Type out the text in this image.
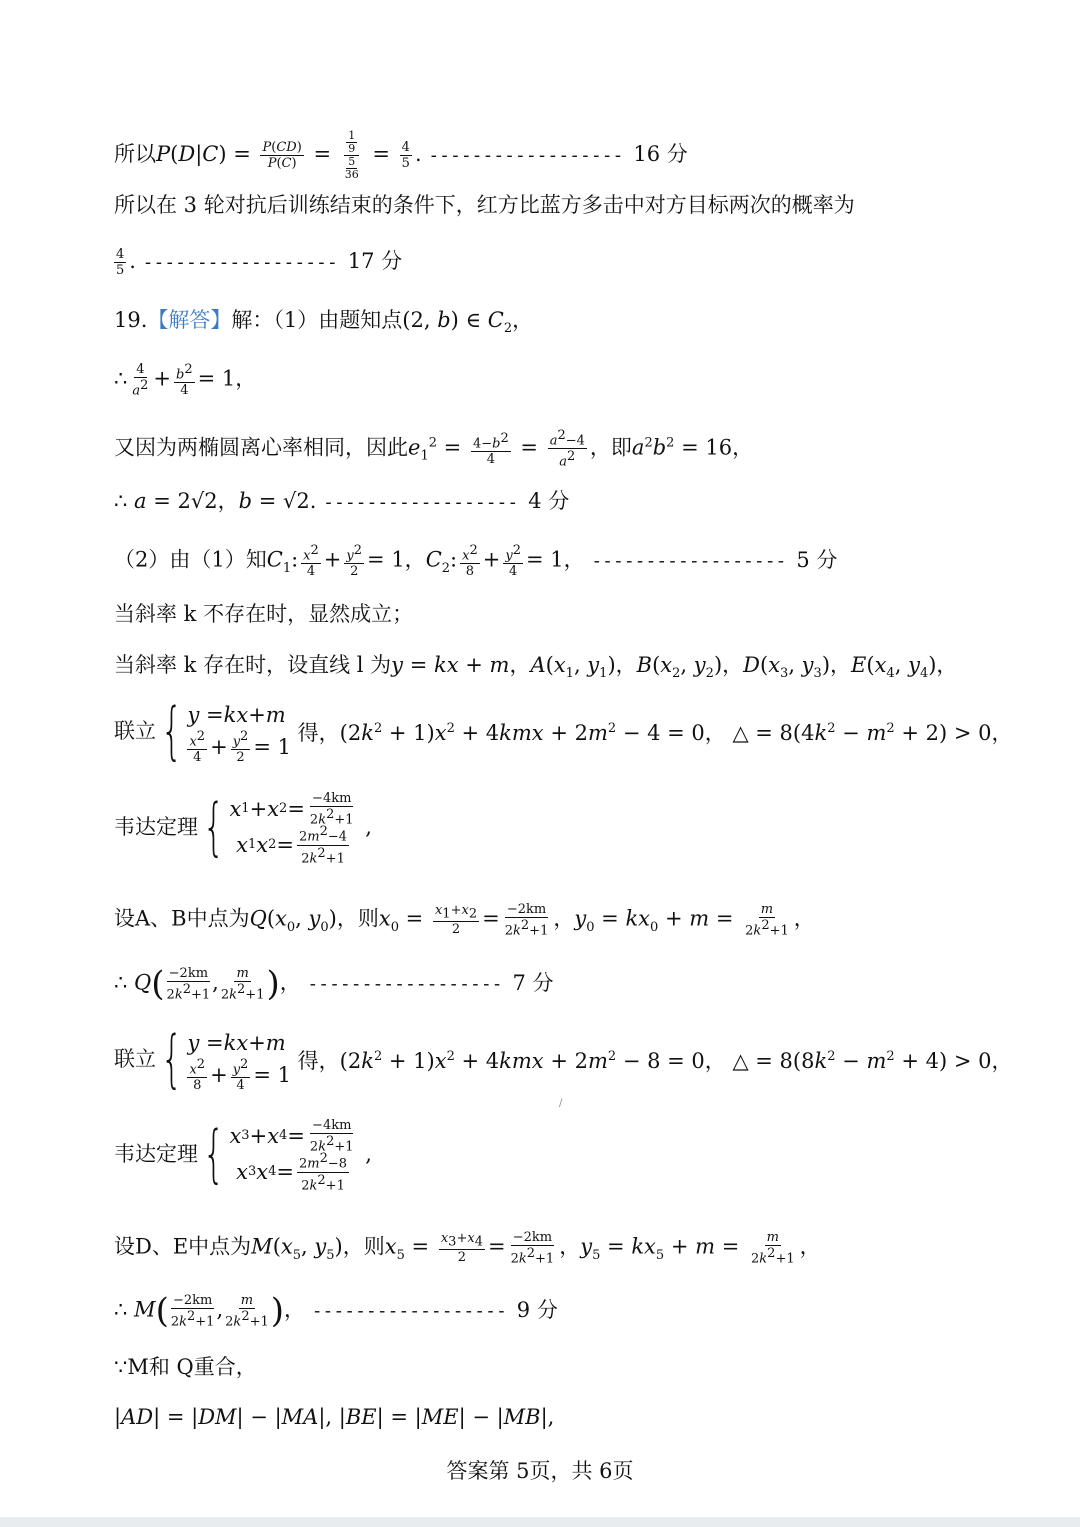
所以$P(D|C) = \frac{P(CD)}{P(C)} = \frac{\frac{1}{9}}{\frac{5}{36}} = \frac{4}{5}$ . ------------------ 16 分
所以在 3 轮对抗后训练结束的条件下，红方比蓝方多击中对方目标两次的概率为
$\frac{4}{5}$ . ------------------ 17 分
19.【解答】解：（1）由题知点(2, b) ∈ $C_2$，
∴ $\frac{4}{a^2} + \frac{b^2}{4} = 1$，
又因为两椭圆离心率相同，因此$e_1^2 = \frac{4-b^2}{4} = \frac{a^2-4}{a^2}$ ，即$a^2b^2 = 16$，
∴ a = 2√2，b = √2. ------------------ 4 分
（2）由（1）知$C_1$: $\frac{x^2}{4} + \frac{y^2}{2} = 1$，$C_2$: $\frac{x^2}{8} + \frac{y^2}{4} = 1$， ------------------ 5 分
当斜率 k 不存在时，显然成立；
当斜率 k 存在时，设直线 l 为y = kx + m，$A(x_1$, $y_1$)，$B(x_2$, $y_2$)，$D(x_3$, $y_3$)，$E(x_4$, $y_4$)，
联立 { y = kx + m
$\frac{x^2}{4} + \frac{y^2}{2} = 1$
得，$(2k^2 + 1)x^2 + 4kmx + 2m^2 - 4 = 0$， △ = $8(4k^2 - m^2 + 2) > 0$，
韦达定理 { x 1 + x $2 = \frac{-4km}{2k^2+1}$

x 1 x $2 = \frac{2m^2-4}{2k^2+1}$ ,
设A、B中点为$Q(x_0$, $y_0$)，则$x_0 = \frac{x_1+x_2}{2} = \frac{-2km}{2k^2+1}$ ，$y_0 = kx_0 + m = \frac{m}{2k^2+1}$ ，
∴ $Q( \frac{-2km}{2k^2+1}$ , $\frac{m}{2k^2+1}$ )， ------------------ 7 分
联立 { y = kx + m
$\frac{x^2}{8} + \frac{y^2}{4} = 1$
得，$(2k^2 + 1)x^2 + 4kmx + 2m^2 - 8 = 0$， △ = $8(8k^2 - m^2 + 4) > 0$，
韦达定理 { x 3 + x $4 = \frac{-4km}{2k^2+1}$

x 3 x $4 = \frac{2m^2-8}{2k^2+1}$ ,
设D、E中点为$M(x_5$, $y_5$)，则$x_5 = \frac{x_3+x_4}{2} = \frac{-2km}{2k^2+1}$ ，$y_5 = kx_5 + m = \frac{m}{2k^2+1}$ ，
∴ $M( \frac{-2km}{2k^2+1}$ , $\frac{m}{2k^2+1}$ )， ------------------ 9 分
∵M和 Q重合，
|AD| = |DM| − |MA|, |BE| = |ME| − |MB|,
/
答案第 5页，共 6页
